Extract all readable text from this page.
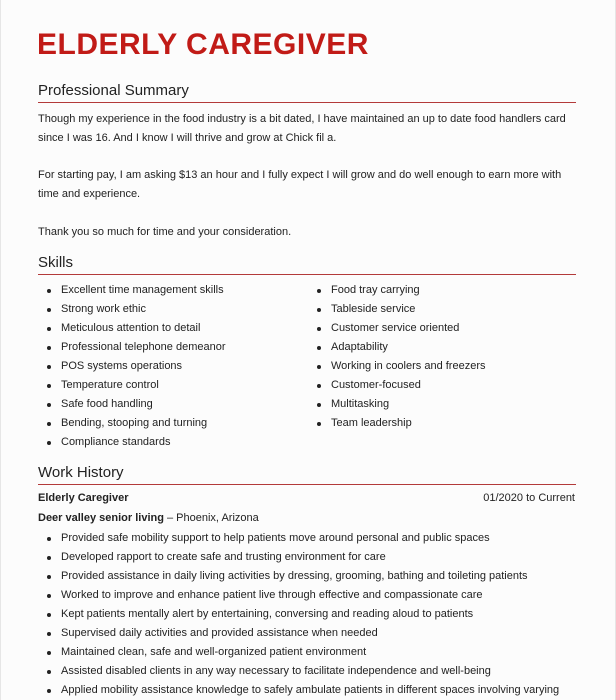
ELDERLY CAREGIVER
Professional Summary

Though my experience in the food industry is a bit dated, I have maintained an up to date food handlers card since I was 16. And I know I will thrive and grow at Chick fil a.

For starting pay, I am asking $13 an hour and I fully expect I will grow and do well enough to earn more with time and experience.

Thank you so much for time and your consideration.

Skills
Excellent time management skills
Strong work ethic
Meticulous attention to detail
Professional telephone demeanor
POS systems operations
Temperature control
Safe food handling
Bending, stooping and turning
Compliance standards
Food tray carrying
Tableside service
Customer service oriented
Adaptability
Working in coolers and freezers
Customer-focused
Multitasking
Team leadership
Work History
Elderly Caregiver	01/2020 to Current
Deer valley senior living – Phoenix, Arizona
Provided safe mobility support to help patients move around personal and public spaces
Developed rapport to create safe and trusting environment for care
Provided assistance in daily living activities by dressing, grooming, bathing and toileting patients
Worked to improve and enhance patient live through effective and compassionate care
Kept patients mentally alert by entertaining, conversing and reading aloud to patients
Supervised daily activities and provided assistance when needed
Maintained clean, safe and well-organized patient environment
Assisted disabled clients in any way necessary to facilitate independence and well-being
Applied mobility assistance knowledge to safely ambulate patients in different spaces involving varying
